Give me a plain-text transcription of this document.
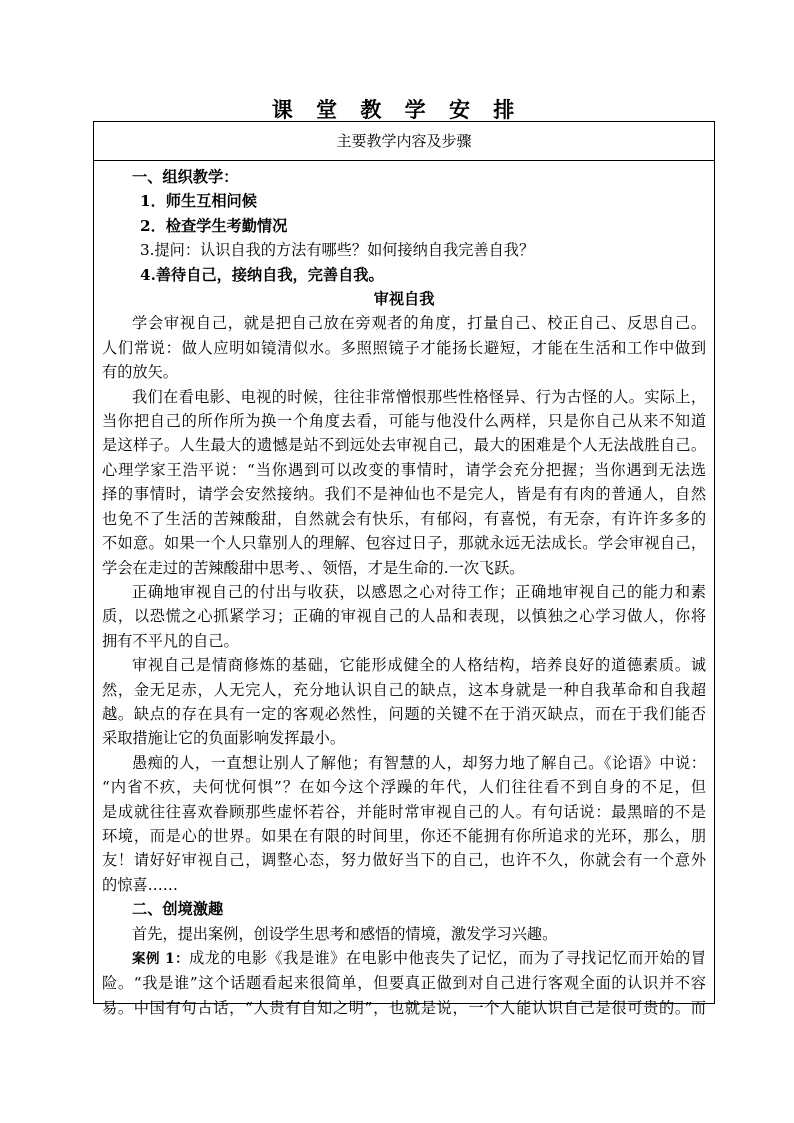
课 堂 教 学 安 排
主要教学内容及步骤
一、组织教学：
1．师生互相问候
2．检查学生考勤情况
3.提问：认识自我的方法有哪些？如何接纳自我完善自我？
4.善待自己，接纳自我，完善自我。
审视自我
学会审视自己，就是把自己放在旁观者的角度，打量自己、校正自己、反思自己。
人们常说：做人应明如镜清似水。多照照镜子才能扬长避短，才能在生活和工作中做到
有的放矢。
我们在看电影、电视的时候，往往非常憎恨那些性格怪异、行为古怪的人。实际上，
当你把自己的所作所为换一个角度去看，可能与他没什么两样，只是你自己从来不知道
是这样子。人生最大的遗憾是站不到远处去审视自己，最大的困难是个人无法战胜自己。
心理学家王浩平说：“当你遇到可以改变的事情时，请学会充分把握；当你遇到无法选
择的事情时，请学会安然接纳。我们不是神仙也不是完人，皆是有有肉的普通人，自然
也免不了生活的苦辣酸甜，自然就会有快乐，有郁闷，有喜悦，有无奈，有许许多多的
不如意。如果一个人只靠别人的理解、包容过日子，那就永远无法成长。学会审视自己，
学会在走过的苦辣酸甜中思考、、领悟，才是生命的.一次飞跃。
正确地审视自己的付出与收获，以感恩之心对待工作；正确地审视自己的能力和素
质，以恐慌之心抓紧学习；正确的审视自己的人品和表现，以慎独之心学习做人，你将
拥有不平凡的自己。
审视自己是情商修炼的基础，它能形成健全的人格结构，培养良好的道德素质。诚
然，金无足赤，人无完人，充分地认识自己的缺点，这本身就是一种自我革命和自我超
越。缺点的存在具有一定的客观必然性，问题的关键不在于消灭缺点，而在于我们能否
采取措施让它的负面影响发挥最小。
愚痴的人，一直想让别人了解他；有智慧的人，却努力地了解自己。《论语》中说：
“内省不疚，夫何忧何惧”？在如今这个浮躁的年代，人们往往看不到自身的不足，但
是成就往往喜欢眷顾那些虚怀若谷，并能时常审视自己的人。有句话说：最黑暗的不是
环境，而是心的世界。如果在有限的时间里，你还不能拥有你所追求的光环，那么，朋
友！请好好审视自己，调整心态，努力做好当下的自己，也许不久，你就会有一个意外
的惊喜……
二、创境激趣
首先，提出案例，创设学生思考和感悟的情境，激发学习兴趣。
案例 1：成龙的电影《我是谁》在电影中他丧失了记忆，而为了寻找记忆而开始的冒
险。“我是谁”这个话题看起来很简单，但要真正做到对自己进行客观全面的认识并不容
易。中国有句古话，“人贵有自知之明”，也就是说，一个人能认识自己是很可贵的。而
